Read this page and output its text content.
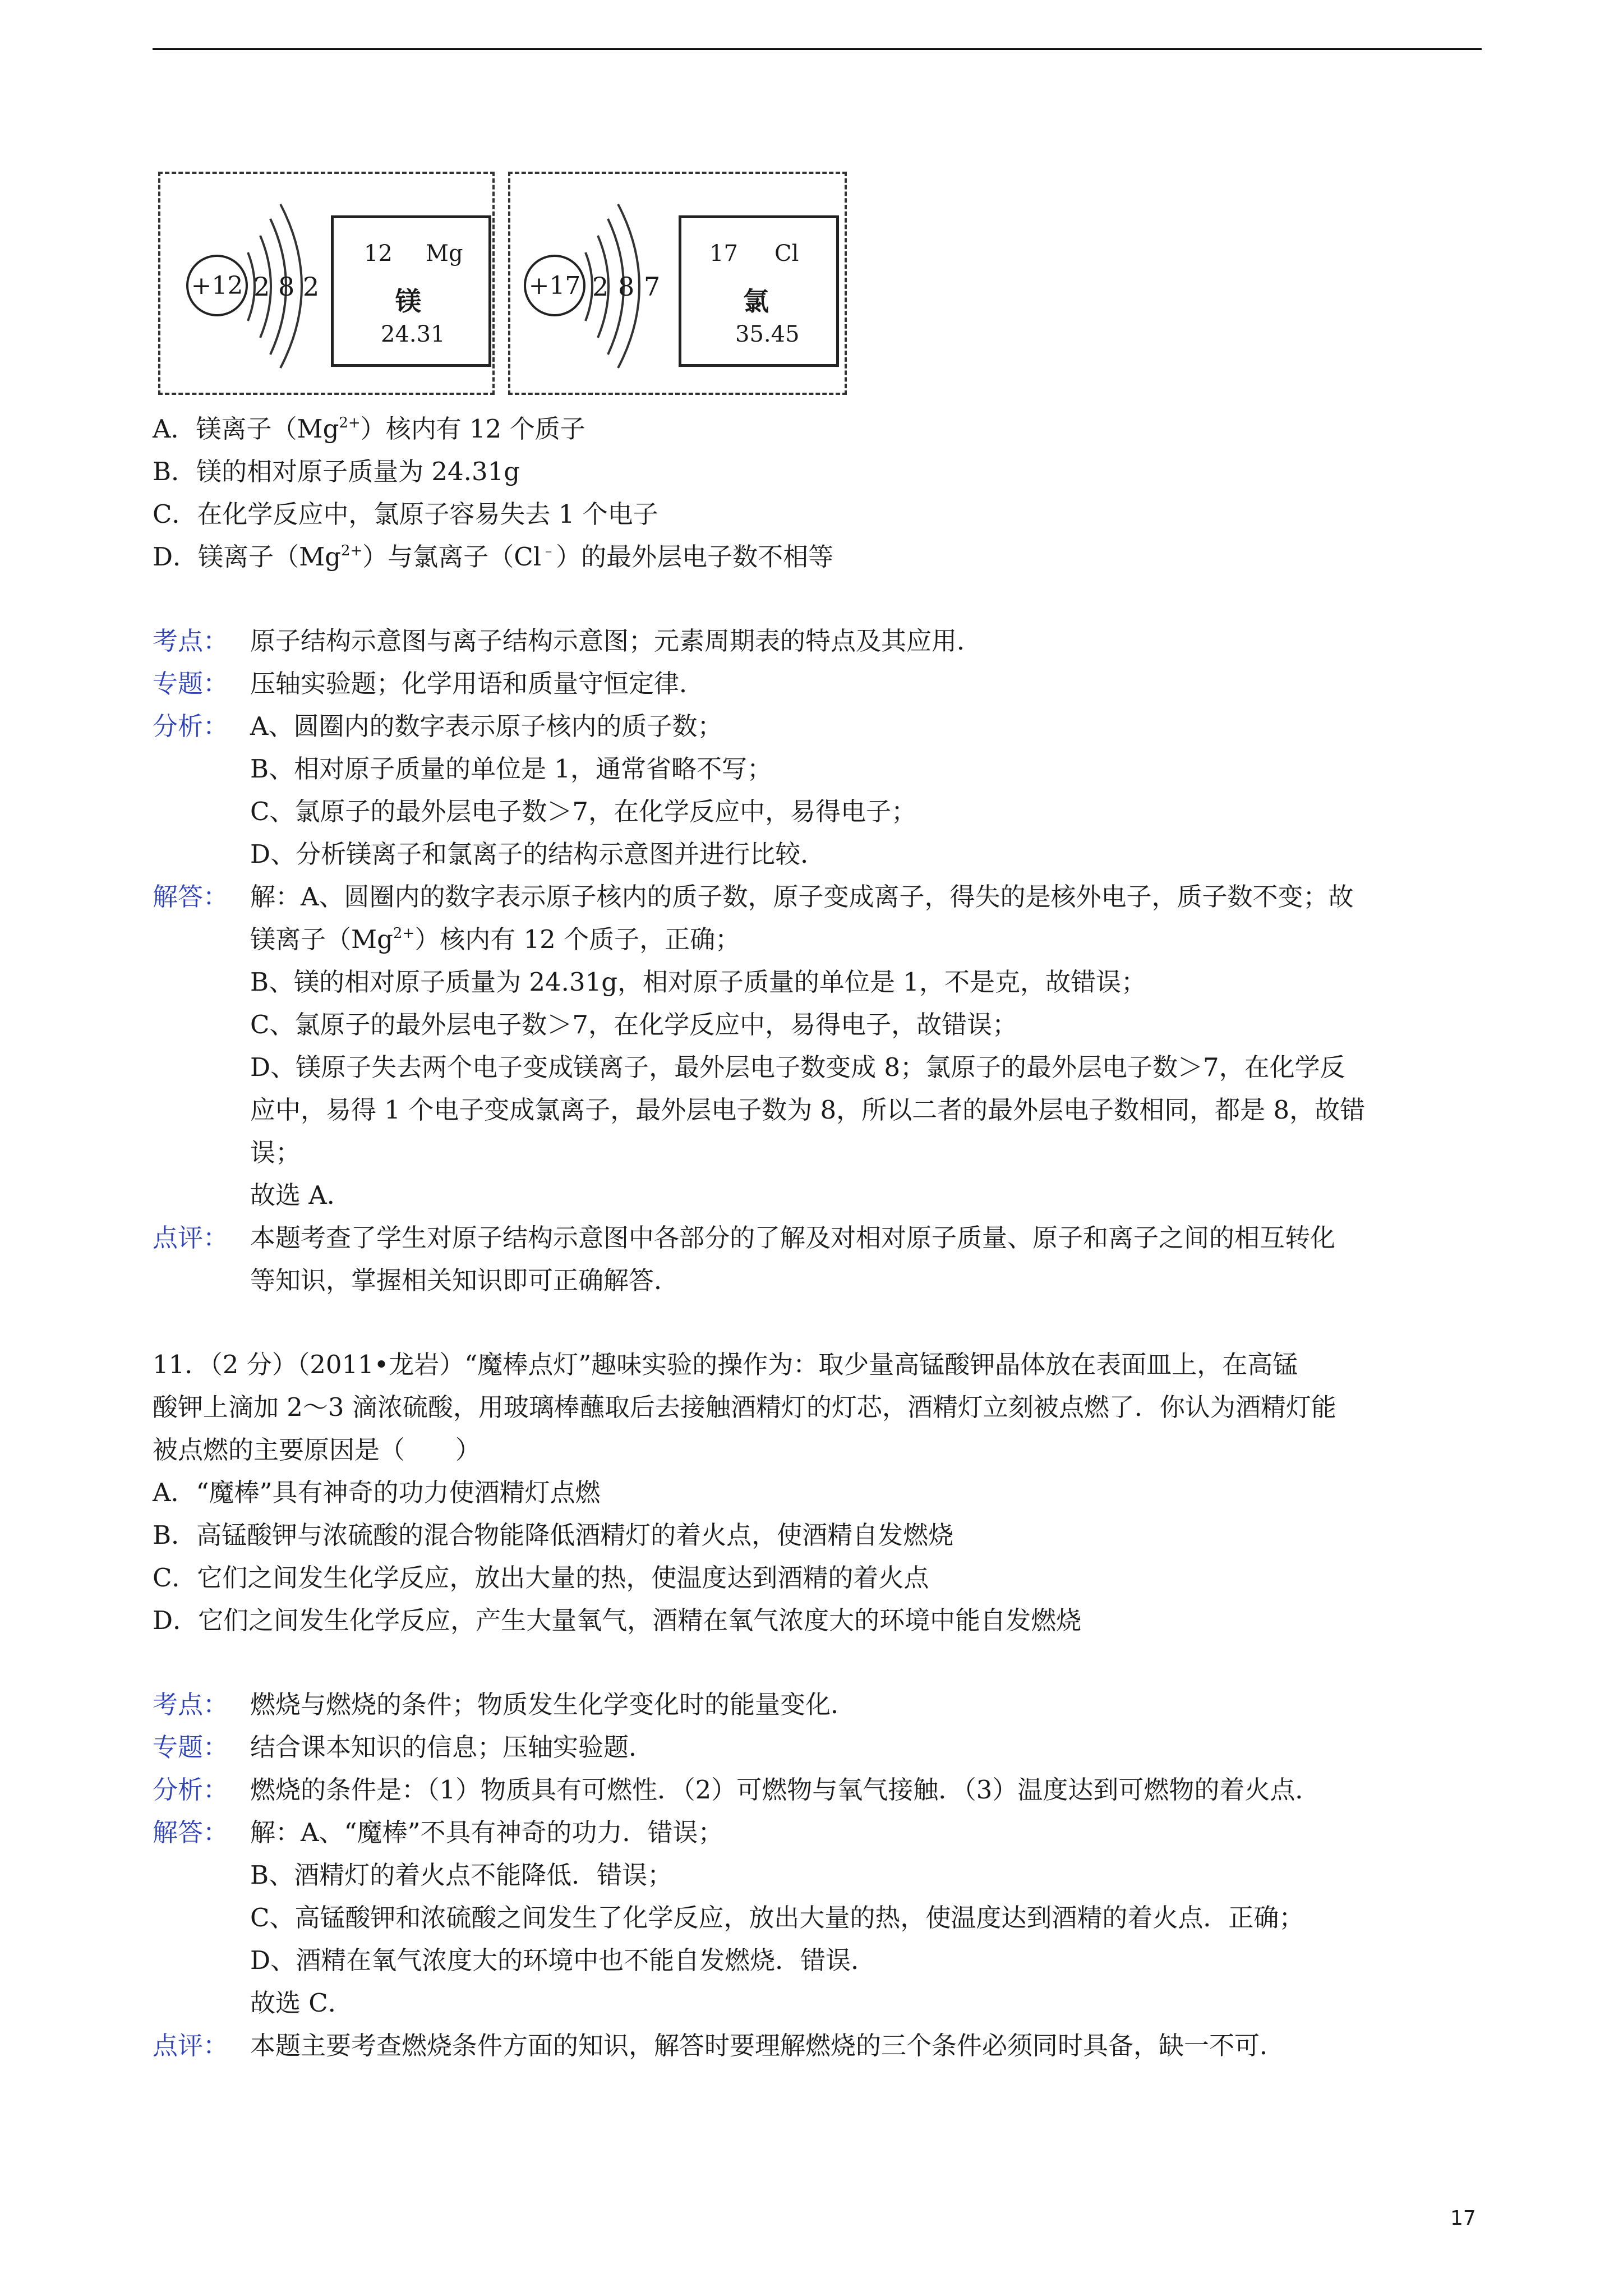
+12 2 8 2
12 Mg
镁
24.31
+17 2 8 7
17 Cl
氯
35.45
A．镁离子$(Mg^{2+})$核内有 12 个质子
B．镁的相对原子质量为 24.31g
C．在化学反应中，氯原子容易失去 1 个电子
D．镁离子$(Mg^{2+})$与氯离子（Cl﹣）的最外层电子数不相等
考点： 原子结构示意图与离子结构示意图；元素周期表的特点及其应用．
专题： 压轴实验题；化学用语和质量守恒定律．
分析： A、圆圈内的数字表示原子核内的质子数；
B、相对原子质量的单位是 1，通常省略不写；
C、氯原子的最外层电子数＞7，在化学反应中，易得电子；
D、分析镁离子和氯离子的结构示意图并进行比较．
解答： 解：A、圆圈内的数字表示原子核内的质子数，原子变成离子，得失的是核外电子，质子数不变；故
镁离子$(Mg^{2+})$核内有 12 个质子，正确；
B、镁的相对原子质量为 24.31g，相对原子质量的单位是 1，不是克，故错误；
C、氯原子的最外层电子数＞7，在化学反应中，易得电子，故错误；
D、镁原子失去两个电子变成镁离子，最外层电子数变成 8；氯原子的最外层电子数＞7，在化学反
应中，易得 1 个电子变成氯离子，最外层电子数为 8，所以二者的最外层电子数相同，都是 8，故错
误；
故选 A．
点评： 本题考查了学生对原子结构示意图中各部分的了解及对相对原子质量、原子和离子之间的相互转化
等知识，掌握相关知识即可正确解答．
11．（2 分）（2011•龙岩）“魔棒点灯”趣味实验的操作为：取少量高锰酸钾晶体放在表面皿上，在高锰
酸钾上滴加 2～3 滴浓硫酸，用玻璃棒蘸取后去接触酒精灯的灯芯，酒精灯立刻被点燃了．你认为酒精灯能
被点燃的主要原因是（　　）
A．“魔棒”具有神奇的功力使酒精灯点燃
B．高锰酸钾与浓硫酸的混合物能降低酒精灯的着火点，使酒精自发燃烧
C．它们之间发生化学反应，放出大量的热，使温度达到酒精的着火点
D．它们之间发生化学反应，产生大量氧气，酒精在氧气浓度大的环境中能自发燃烧
考点： 燃烧与燃烧的条件；物质发生化学变化时的能量变化．
专题： 结合课本知识的信息；压轴实验题．
分析： 燃烧的条件是：（1）物质具有可燃性．（2）可燃物与氧气接触．（3）温度达到可燃物的着火点．
解答： 解：A、“魔棒”不具有神奇的功力．错误；
B、酒精灯的着火点不能降低．错误；
C、高锰酸钾和浓硫酸之间发生了化学反应，放出大量的热，使温度达到酒精的着火点．正确；
D、酒精在氧气浓度大的环境中也不能自发燃烧．错误．
故选 C．
点评： 本题主要考查燃烧条件方面的知识，解答时要理解燃烧的三个条件必须同时具备，缺一不可．
17
